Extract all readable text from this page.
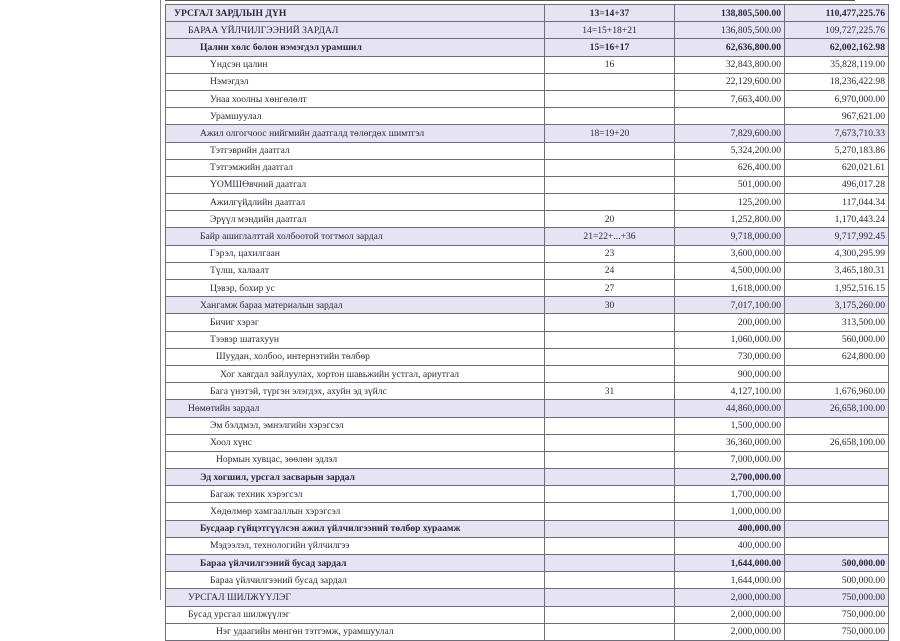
УРСГАЛ ЗАРДЛЫН ДҮН	13=14+37	138,805,500.00	110,477,225.76
БАРАА ҮЙЛЧИЛГЭЭНИЙ ЗАРДАЛ	14=15+18+21	136,805,500.00	109,727,225.76
Цалин хөлс болон нэмэгдэл урамшил	15=16+17	62,636,800.00	62,002,162.98
Үндсэн цалин	16	32,843,800.00	35,828,119.00
Нэмэгдэл		22,129,600.00	18,236,422.98
Унаа хоолны хөнгөлөлт		7,663,400.00	6,970,000.00
Урамшуулал			967,621.00
Ажил олгогчоос нийгмийн даатгалд төлөгдөх шимтгэл	18=19+20	7,829,600.00	7,673,710.33
Тэтгэврийн даатгал		5,324,200.00	5,270,183.86
Тэтгэмжийн даатгал		626,400.00	620,021.61
ҮОМШӨвчний даатгал		501,000.00	496,017.28
Ажилгүйдлийн даатгал		125,200.00	117,044.34
Эрүүл мэндийн даатгал	20	1,252,800.00	1,170,443.24
Байр ашиглалттай холбоотой тогтмол зардал	21=22+...+36	9,718,000.00	9,717,992.45
Гэрэл, цахилгаан	23	3,600,000.00	4,300,295.99
Түлш, халаалт	24	4,500,000.00	3,465,180.31
Цэвэр, бохир ус	27	1,618,000.00	1,952,516.15
Хангамж бараа материалын зардал	30	7,017,100.00	3,175,260.00
Бичиг хэрэг		200,000.00	313,500.00
Тээвэр шатахуун		1,060,000.00	560,000.00
Шуудан, холбоо, интернэтийн төлбөр		730,000.00	624,800.00
Хог хаягдал зайлуулах, хортон шавьжийн устгал, ариутгал		900,000.00	
Бага үнэтэй, түргэн элэгдэх, ахуйн эд зүйлс	31	4,127,100.00	1,676,960.00
Нөмөтийн зардал		44,860,000.00	26,658,100.00
Эм бэлдмэл, эмнэлгийн хэрэгсэл		1,500,000.00	
Хоол хүнс		36,360,000.00	26,658,100.00
Нормын хувцас, зөөлөн эдлэл		7,000,000.00	
Эд хогшил, урсгал засварын зардал		2,700,000.00	
Багаж техник хэрэгсэл		1,700,000.00	
Хөдөлмөр хамгааллын хэрэгсэл		1,000,000.00	
Бусдаар гүйцэтгүүлсэн ажил үйлчилгээний төлбөр хураамж		400,000.00	
Мэдээлэл, технологийн үйлчилгээ		400,000.00	
Бараа үйлчилгээний бусад зардал		1,644,000.00	500,000.00
Бараа үйлчилгээний бусад зардал		1,644,000.00	500,000.00
УРСГАЛ ШИЛЖҮҮЛЭГ		2,000,000.00	750,000.00
Бусад урсгал шилжүүлэг		2,000,000.00	750,000.00
Нэг удаагийн мөнгөн тэтгэмж, урамшуулал		2,000,000.00	750,000.00
